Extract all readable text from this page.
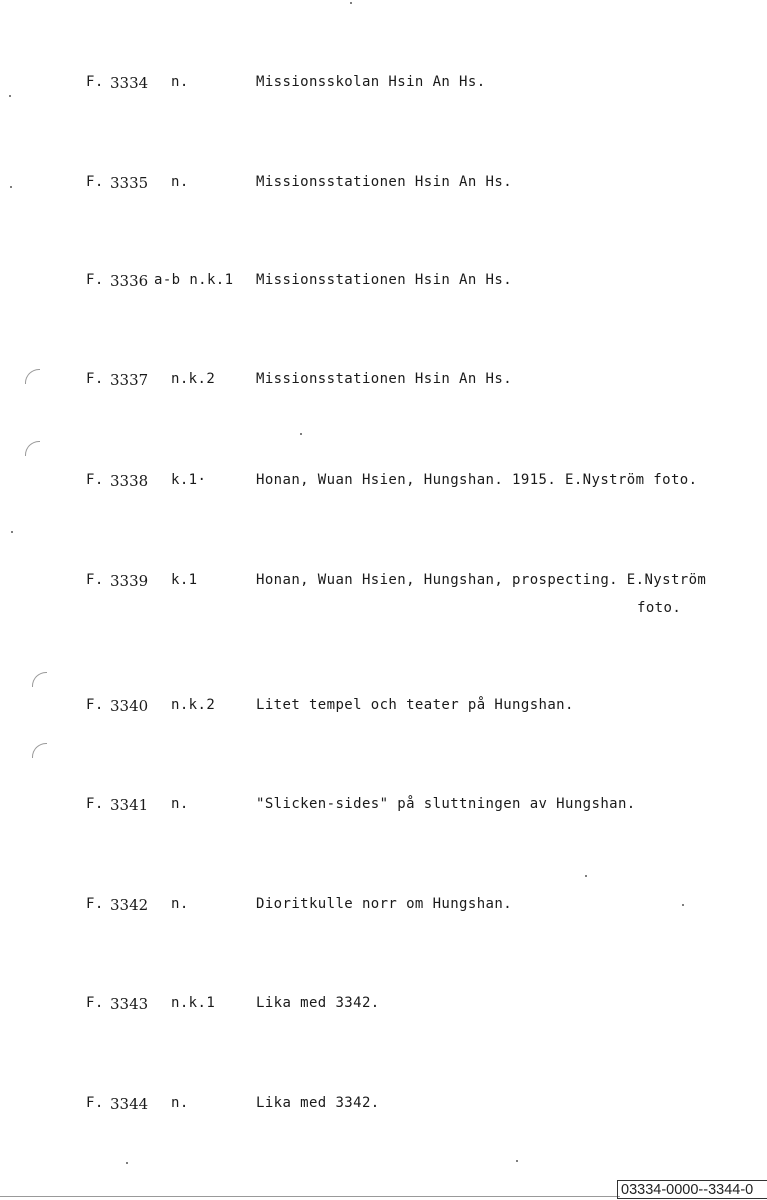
F. 3334 n.	Missionsskolan Hsin An Hs.
F. 3335 n.	Missionsstationen Hsin An Hs.
F. 3336 a-b n.k.1 Missionsstationen Hsin An Hs.
F. 3337 n.k.2	Missionsstationen Hsin An Hs.
F. 3338 k.1·	Honan, Wuan Hsien, Hungshan. 1915. E.Nyström foto.
F. 3339 k.1	Honan, Wuan Hsien, Hungshan, prospecting. E.Nyström
foto.
F. 3340 n.k.2	Litet tempel och teater på Hungshan.
F. 3341 n.	"Slicken-sides" på sluttningen av Hungshan.
F. 3342 n.	Dioritkulle norr om Hungshan.
F. 3343 n.k.1	Lika med 3342.
F. 3344 n.	Lika med 3342.
03334-0000--3344-0
